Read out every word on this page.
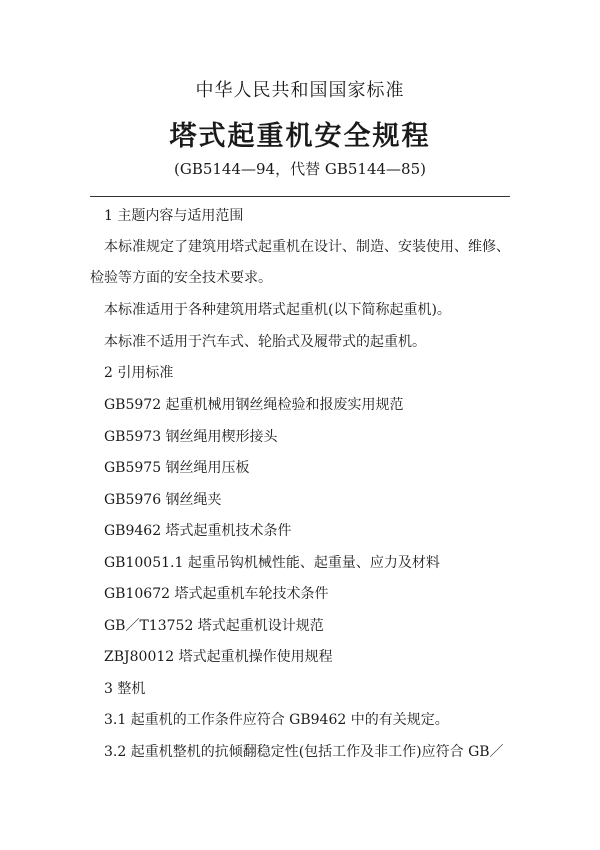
中华人民共和国国家标准
塔式起重机安全规程
(GB5144—94，代替 GB5144—85)
1 主题内容与适用范围
本标准规定了建筑用塔式起重机在设计、制造、安装使用、维修、
检验等方面的安全技术要求。
本标准适用于各种建筑用塔式起重机(以下简称起重机)。
本标准不适用于汽车式、轮胎式及履带式的起重机。
2 引用标准
GB5972 起重机械用钢丝绳检验和报废实用规范
GB5973 钢丝绳用楔形接头
GB5975 钢丝绳用压板
GB5976 钢丝绳夹
GB9462 塔式起重机技术条件
GB10051.1 起重吊钩机械性能、起重量、应力及材料
GB10672 塔式起重机车轮技术条件
GB／T13752 塔式起重机设计规范
ZBJ80012 塔式起重机操作使用规程
3 整机
3.1 起重机的工作条件应符合 GB9462 中的有关规定。
3.2 起重机整机的抗倾翻稳定性(包括工作及非工作)应符合 GB／
